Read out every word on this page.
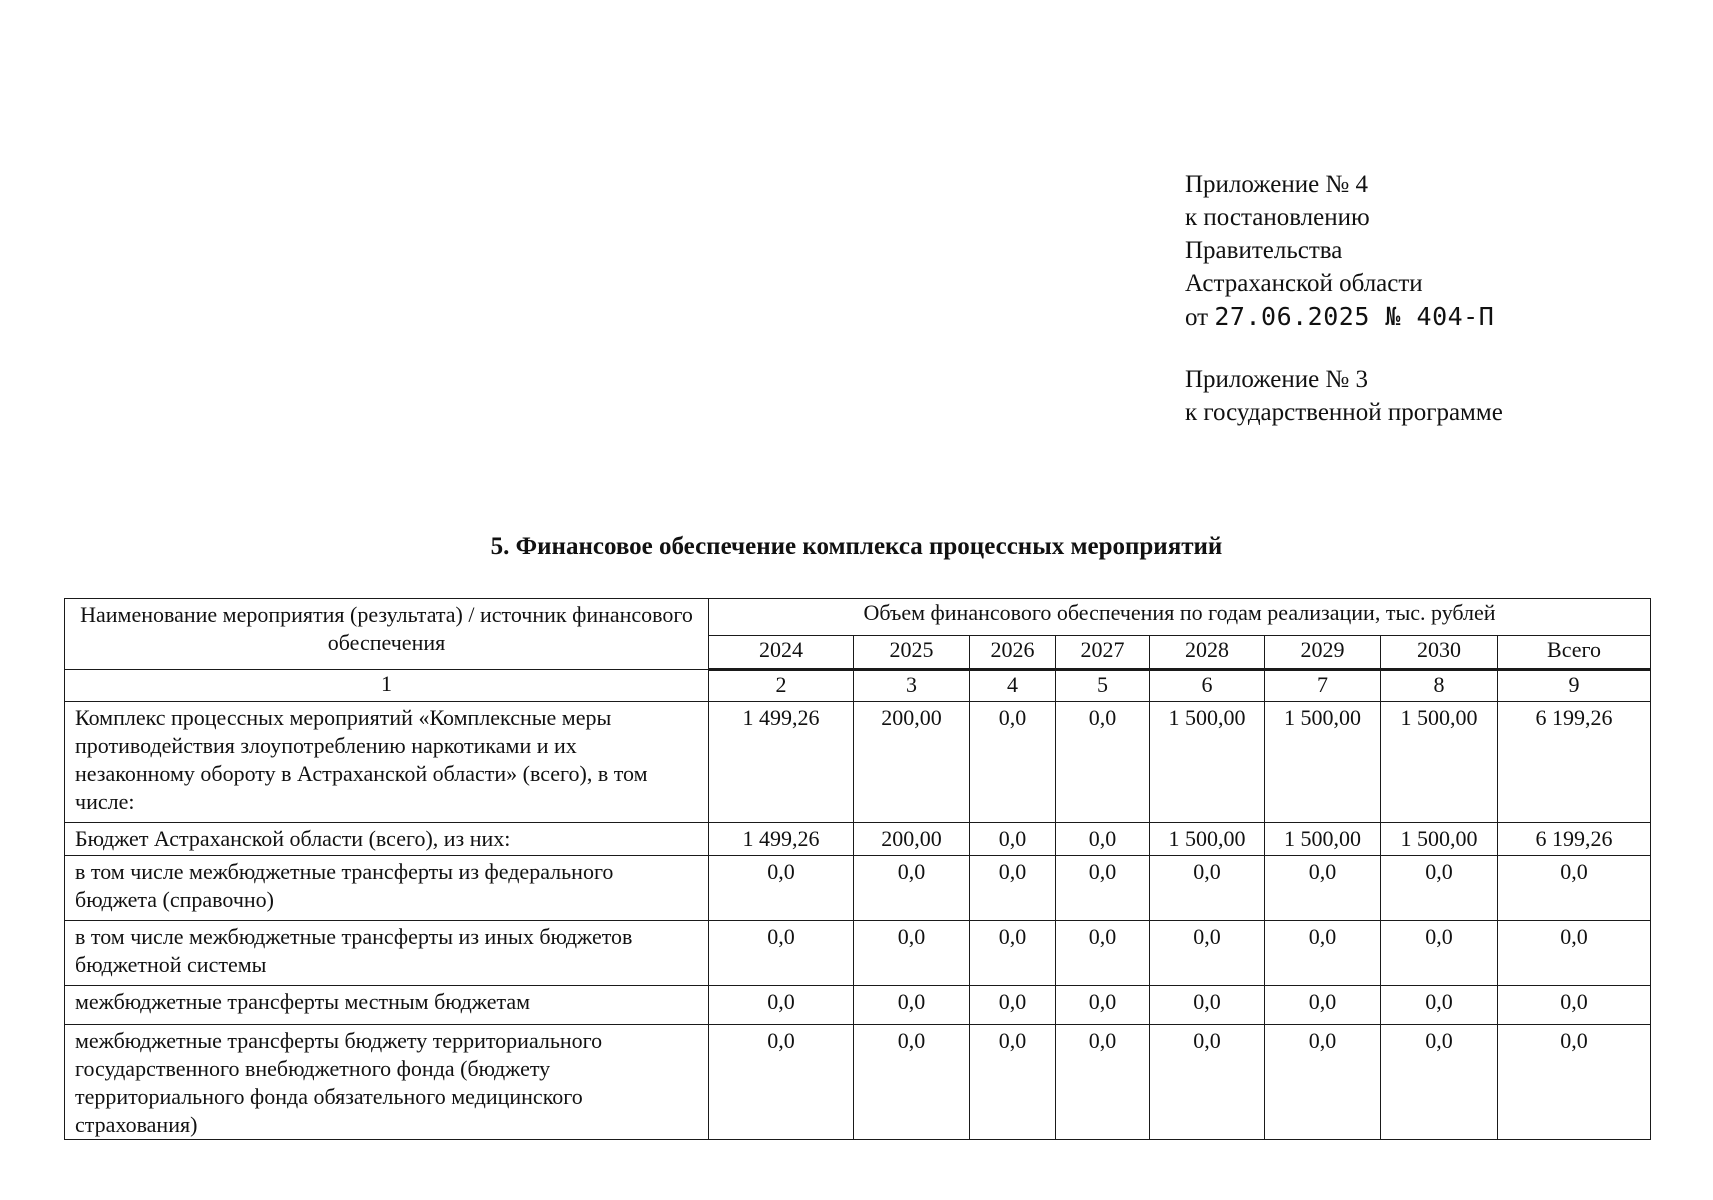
Приложение № 4
к постановлению
Правительства
Астраханской области
от 27.06.2025 № 404-П
Приложение № 3
к государственной программе
5. Финансовое обеспечение комплекса процессных мероприятий
Наименование мероприятия (результата) / источник финансового обеспечения	Объем финансового обеспечения по годам реализации, тыс. рублей							
	2024	2025	2026	2027	2028	2029	2030	Всего
1	2	3	4	5	6	7	8	9
Комплекс процессных мероприятий «Комплексные меры противодействия злоупотреблению наркотиками и их незаконному обороту в Астраханской области» (всего), в том числе:	1 499,26	200,00	0,0	0,0	1 500,00	1 500,00	1 500,00	6 199,26
Бюджет Астраханской области (всего), из них:	1 499,26	200,00	0,0	0,0	1 500,00	1 500,00	1 500,00	6 199,26
в том числе межбюджетные трансферты из федерального бюджета (справочно)	0,0	0,0	0,0	0,0	0,0	0,0	0,0	0,0
в том числе межбюджетные трансферты из иных бюджетов бюджетной системы	0,0	0,0	0,0	0,0	0,0	0,0	0,0	0,0
межбюджетные трансферты местным бюджетам	0,0	0,0	0,0	0,0	0,0	0,0	0,0	0,0
межбюджетные трансферты бюджету территориального государственного внебюджетного фонда (бюджету территориального фонда обязательного медицинского страхования)	0,0	0,0	0,0	0,0	0,0	0,0	0,0	0,0
